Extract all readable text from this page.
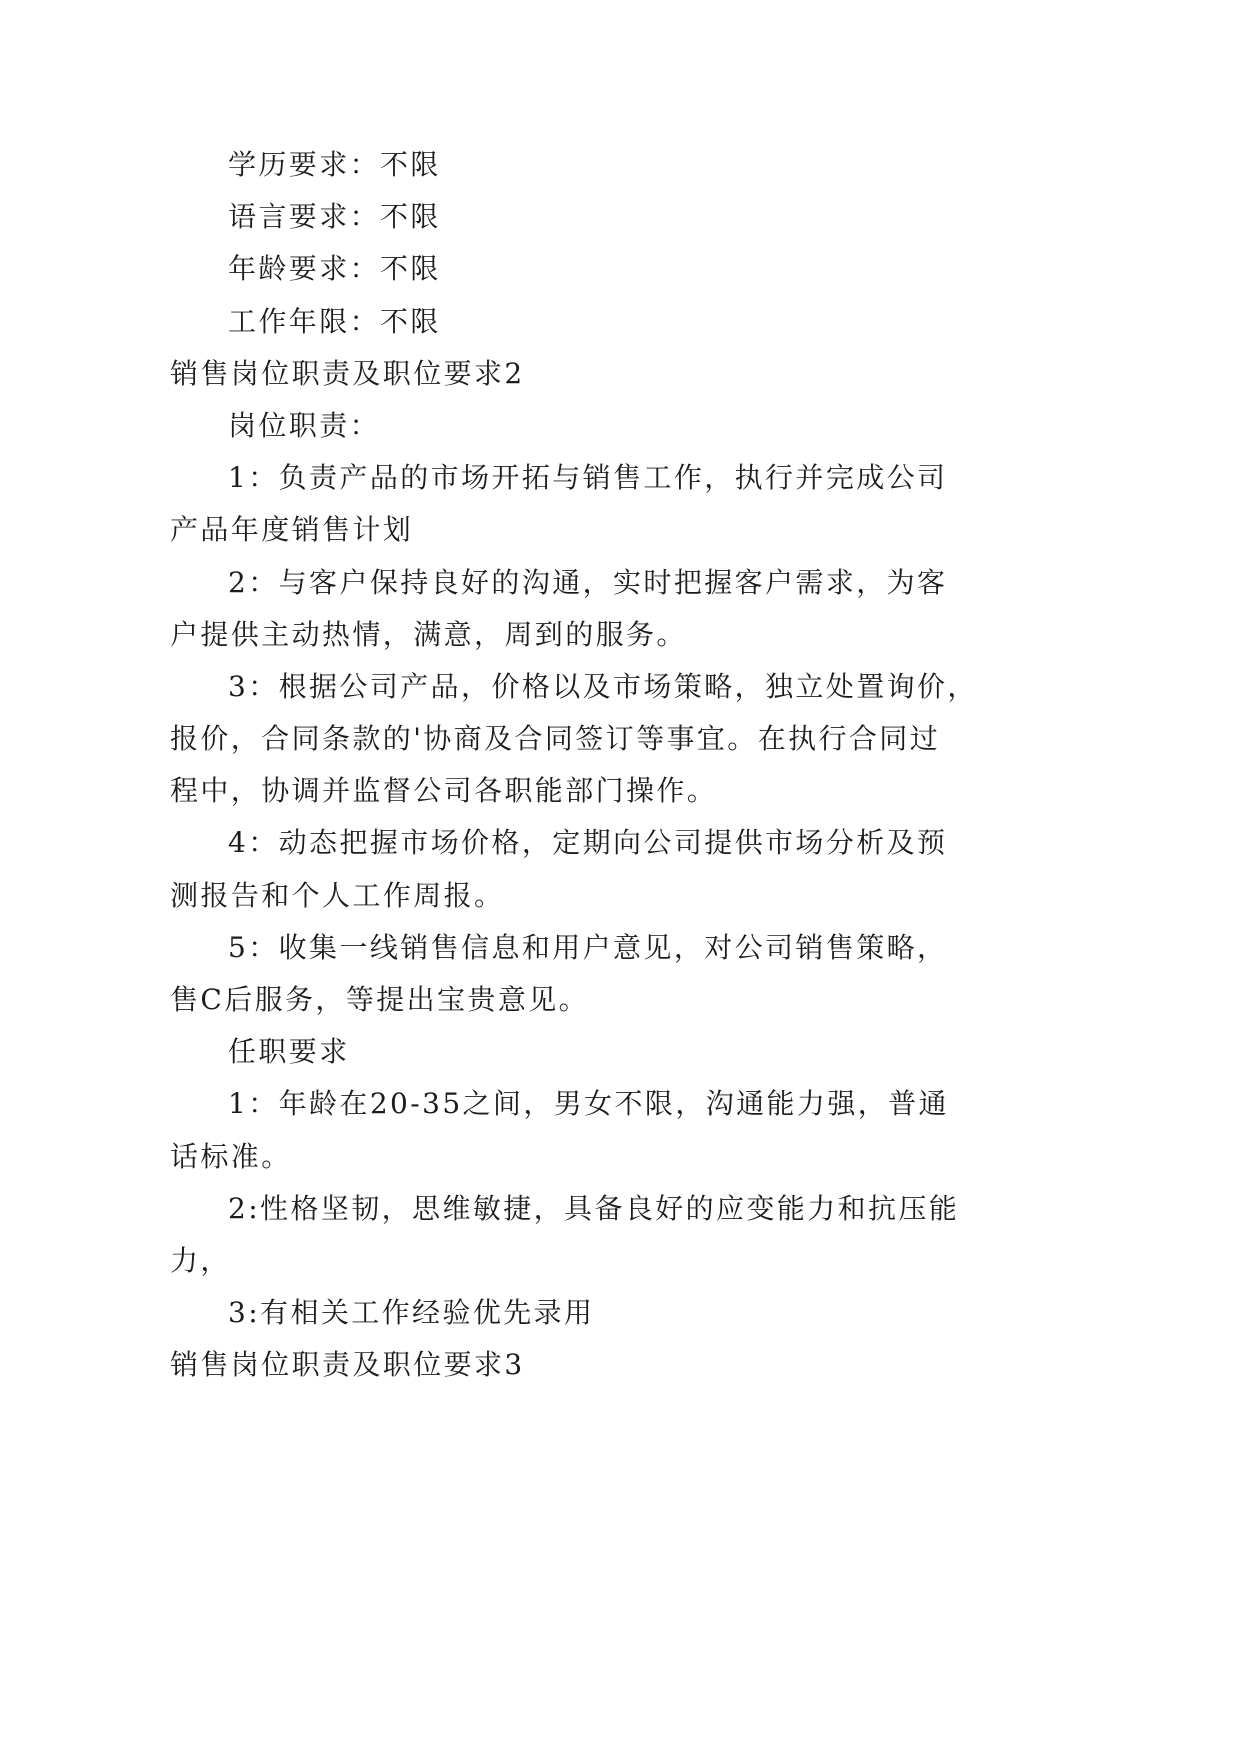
学历要求：不限
语言要求：不限
年龄要求：不限
工作年限：不限
销售岗位职责及职位要求2
岗位职责：
1：负责产品的市场开拓与销售工作，执行并完成公司
产品年度销售计划
2：与客户保持良好的沟通，实时把握客户需求，为客
户提供主动热情，满意，周到的服务。
3：根据公司产品，价格以及市场策略，独立处置询价，
报价，合同条款的'协商及合同签订等事宜。在执行合同过
程中，协调并监督公司各职能部门操作。
4：动态把握市场价格，定期向公司提供市场分析及预
测报告和个人工作周报。
5：收集一线销售信息和用户意见，对公司销售策略，
售C后服务，等提出宝贵意见。
任职要求
1：年龄在20-35之间，男女不限，沟通能力强，普通
话标准。
2:性格坚韧，思维敏捷，具备良好的应变能力和抗压能
力，
3:有相关工作经验优先录用
销售岗位职责及职位要求3
